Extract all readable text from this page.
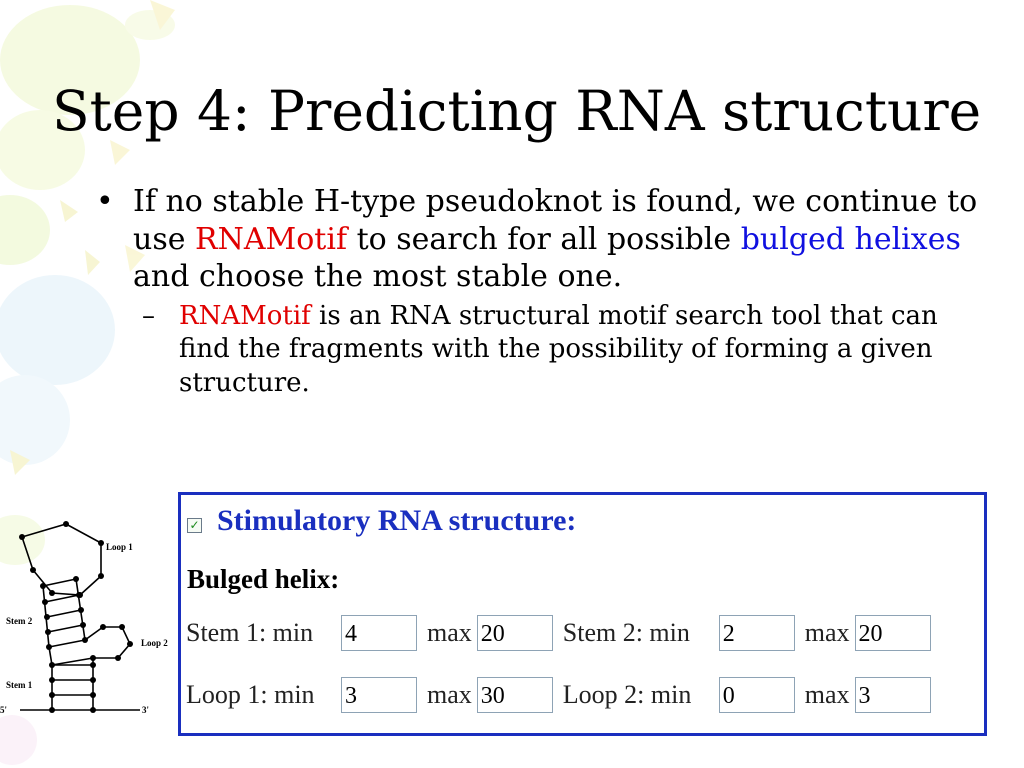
Step 4: Predicting RNA structure
• If no stable H-type pseudoknot is found, we continue to use RNAMotif to search for all possible bulged helixes and choose the most stable one.
– RNAMotif is an RNA structural motif search tool that can find the fragments with the possibility of forming a given structure.
Loop 1
Loop 2
Stem 2
Stem 1
5'	3'
✓ Stimulatory RNA structure:
Bulged helix:
Stem 1: min	4	max 20	Stem 2: min	2	max 20
Loop 1: min	3	max 30	Loop 2: min	0	max 3
